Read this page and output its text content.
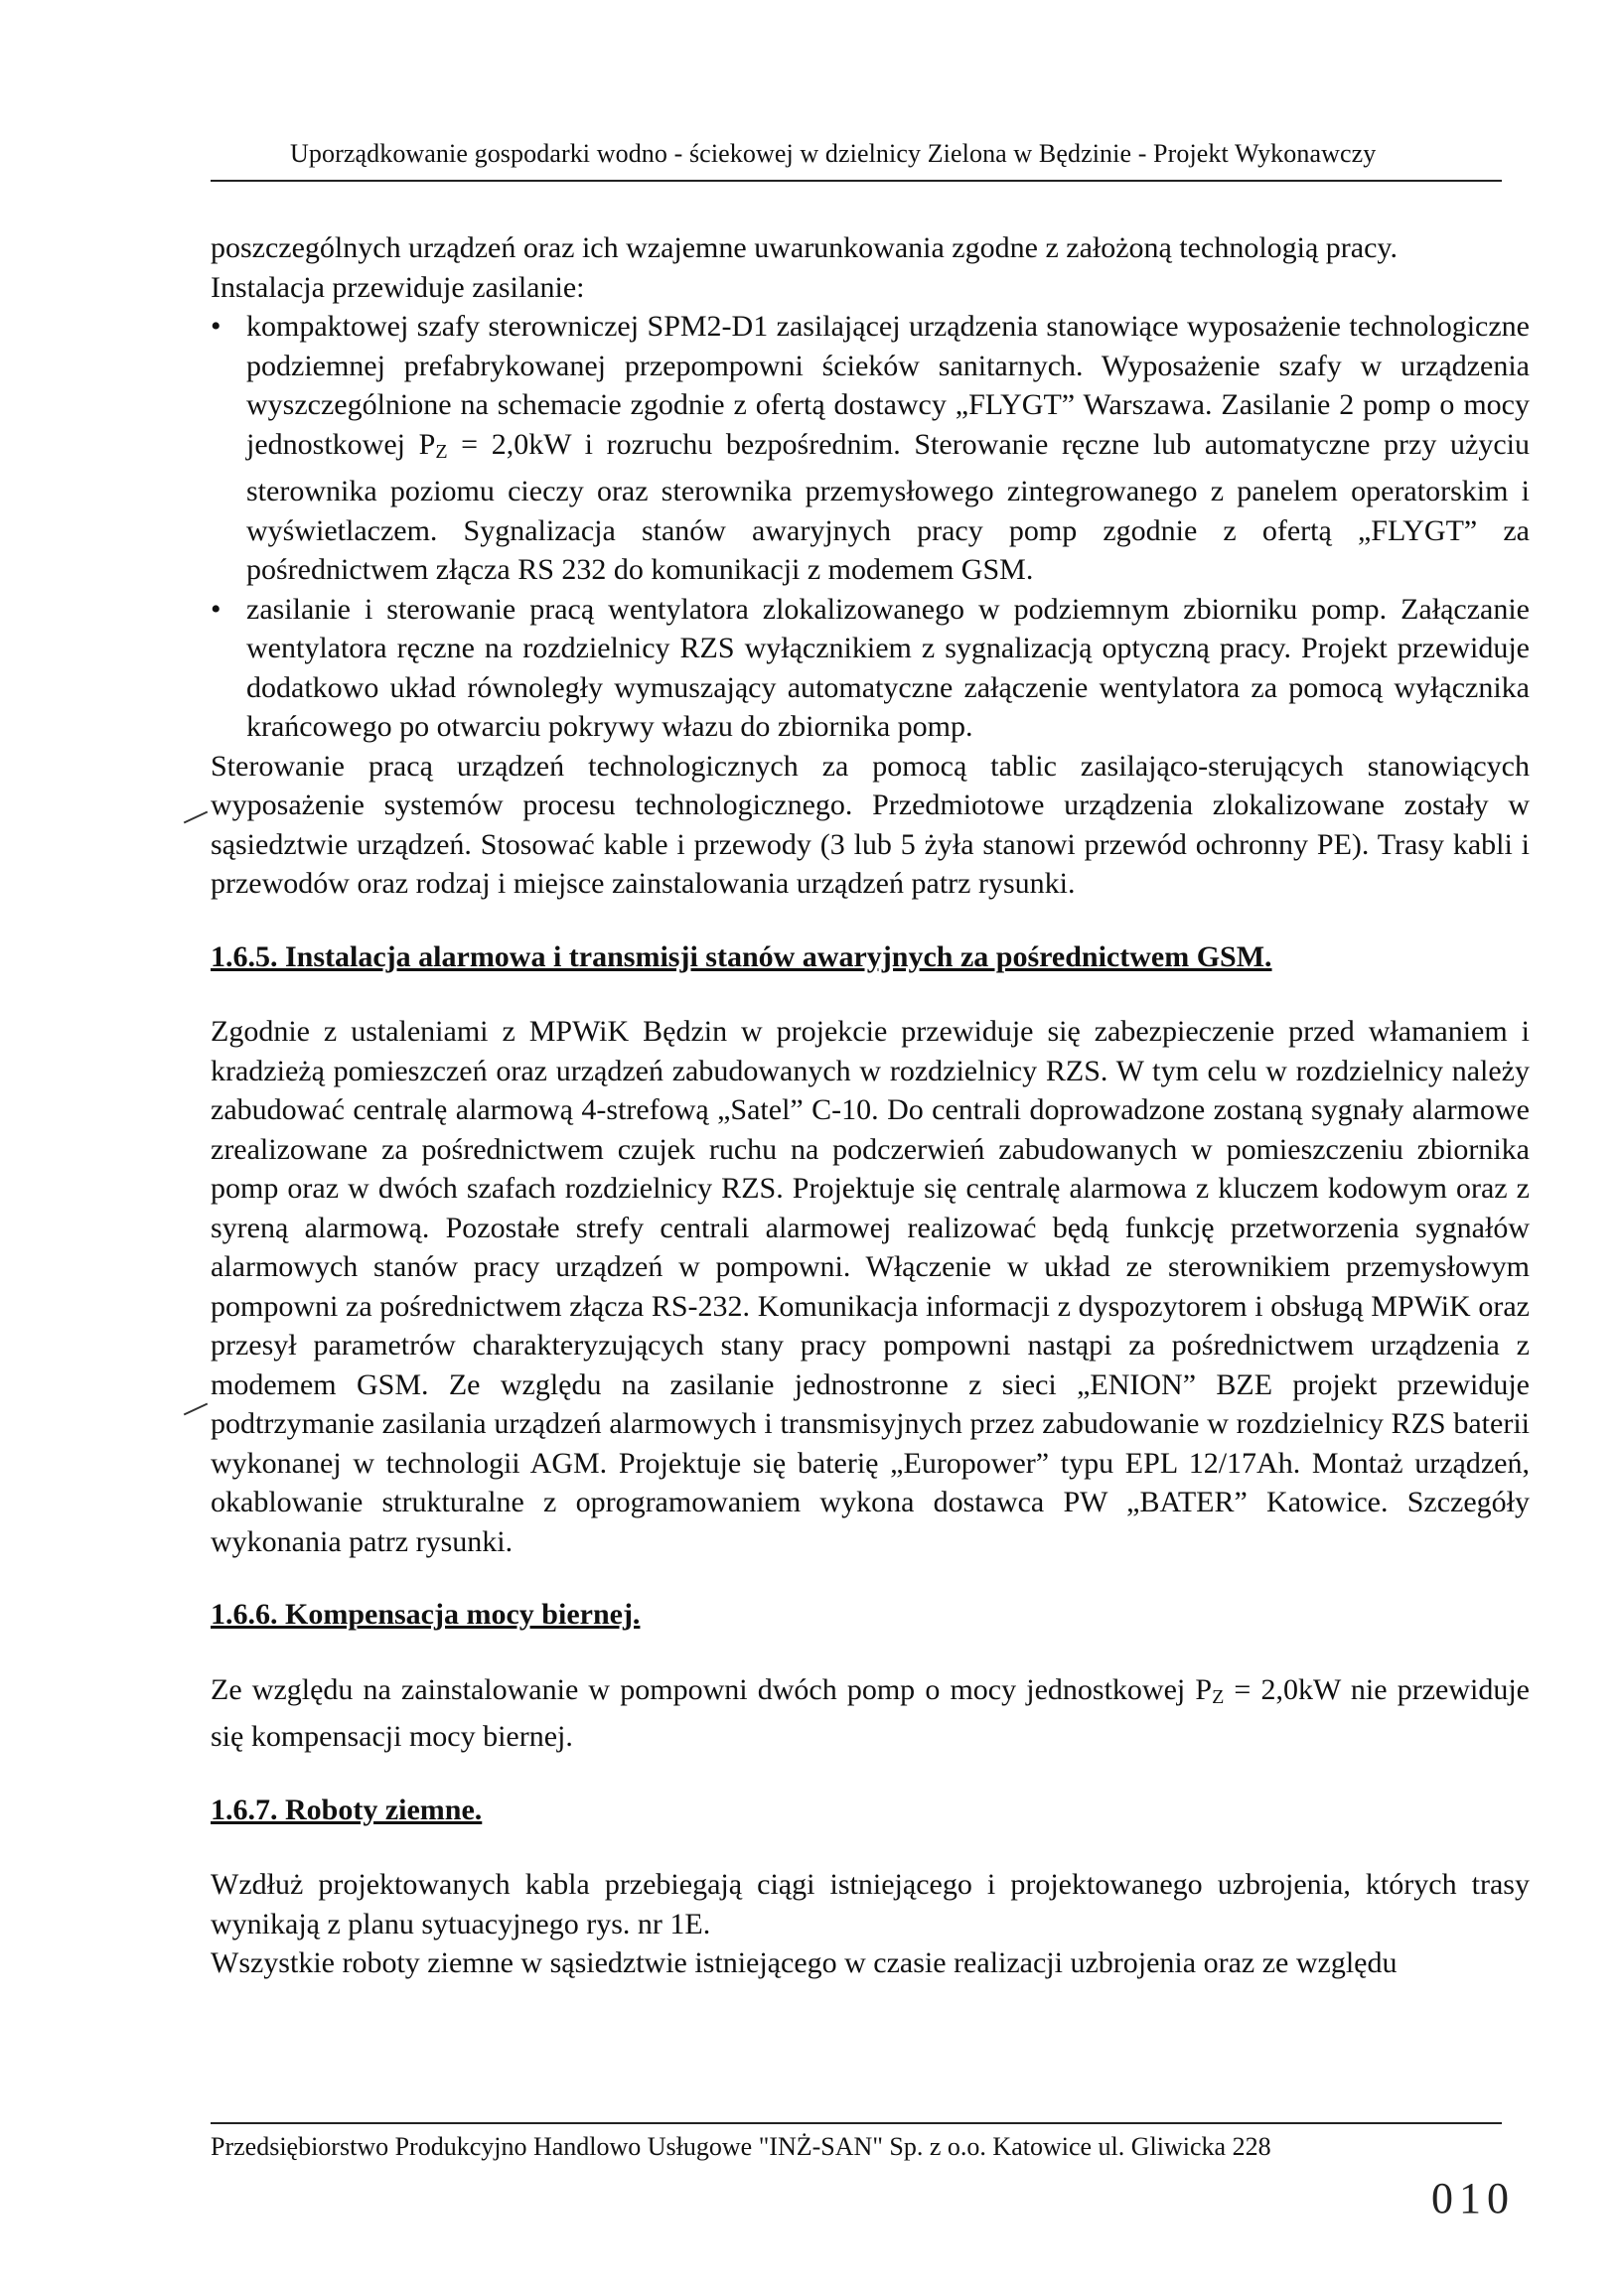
Uporządkowanie gospodarki wodno - ściekowej w dzielnicy Zielona w Będzinie - Projekt Wykonawczy

poszczególnych urządzeń oraz ich wzajemne uwarunkowania zgodne z założoną technologią pracy.

Instalacja przewiduje zasilanie:

• kompaktowej szafy sterowniczej SPM2-D1 zasilającej urządzenia stanowiące wyposażenie technologiczne podziemnej prefabrykowanej przepompowni ścieków sanitarnych. Wyposażenie szafy w urządzenia wyszczególnione na schemacie zgodnie z ofertą dostawcy „FLYGT” Warszawa. Zasilanie 2 pomp o mocy jednostkowej $P_Z = 2,0kW$ i rozruchu bezpośrednim. Sterowanie ręczne lub automatyczne przy użyciu sterownika poziomu cieczy oraz sterownika przemysłowego zintegrowanego z panelem operatorskim i wyświetlaczem. Sygnalizacja stanów awaryjnych pracy pomp zgodnie z ofertą „FLYGT” za pośrednictwem złącza RS 232 do komunikacji z modemem GSM.
• zasilanie i sterowanie pracą wentylatora zlokalizowanego w podziemnym zbiorniku pomp. Załączanie wentylatora ręczne na rozdzielnicy RZS wyłącznikiem z sygnalizacją optyczną pracy. Projekt przewiduje dodatkowo układ równoległy wymuszający automatyczne załączenie wentylatora za pomocą wyłącznika krańcowego po otwarciu pokrywy włazu do zbiornika pomp.

Sterowanie pracą urządzeń technologicznych za pomocą tablic zasilająco-sterujących stanowiących wyposażenie systemów procesu technologicznego. Przedmiotowe urządzenia zlokalizowane zostały w sąsiedztwie urządzeń. Stosować kable i przewody (3 lub 5 żyła stanowi przewód ochronny PE). Trasy kabli i przewodów oraz rodzaj i miejsce zainstalowania urządzeń patrz rysunki.

1.6.5. Instalacja alarmowa i transmisji stanów awaryjnych za pośrednictwem GSM.

Zgodnie z ustaleniami z MPWiK Będzin w projekcie przewiduje się zabezpieczenie przed włamaniem i kradzieżą pomieszczeń oraz urządzeń zabudowanych w rozdzielnicy RZS. W tym celu w rozdzielnicy należy zabudować centralę alarmową 4-strefową „Satel” C-10. Do centrali doprowadzone zostaną sygnały alarmowe zrealizowane za pośrednictwem czujek ruchu na podczerwień zabudowanych w pomieszczeniu zbiornika pomp oraz w dwóch szafach rozdzielnicy RZS. Projektuje się centralę alarmowa z kluczem kodowym oraz z syreną alarmową. Pozostałe strefy centrali alarmowej realizować będą funkcję przetworzenia sygnałów alarmowych stanów pracy urządzeń w pompowni. Włączenie w układ ze sterownikiem przemysłowym pompowni za pośrednictwem złącza RS-232. Komunikacja informacji z dyspozytorem i obsługą MPWiK oraz przesył parametrów charakteryzujących stany pracy pompowni nastąpi za pośrednictwem urządzenia z modemem GSM. Ze względu na zasilanie jednostronne z sieci „ENION” BZE projekt przewiduje podtrzymanie zasilania urządzeń alarmowych i transmisyjnych przez zabudowanie w rozdzielnicy RZS baterii wykonanej w technologii AGM. Projektuje się baterię „Europower” typu EPL 12/17Ah. Montaż urządzeń, okablowanie strukturalne z oprogramowaniem wykona dostawca PW „BATER” Katowice. Szczegóły wykonania patrz rysunki.

1.6.6. Kompensacja mocy biernej.

Ze względu na zainstalowanie w pompowni dwóch pomp o mocy jednostkowej $P_Z = 2,0kW$ nie przewiduje się kompensacji mocy biernej.

1.6.7. Roboty ziemne.

Wzdłuż projektowanych kabla przebiegają ciągi istniejącego i projektowanego uzbrojenia, których trasy wynikają z planu sytuacyjnego rys. nr 1E.

Wszystkie roboty ziemne w sąsiedztwie istniejącego w czasie realizacji uzbrojenia oraz ze względu

Przedsiębiorstwo Produkcyjno Handlowo Usługowe "INŻ-SAN" Sp. z o.o. Katowice ul. Gliwicka 228
010
